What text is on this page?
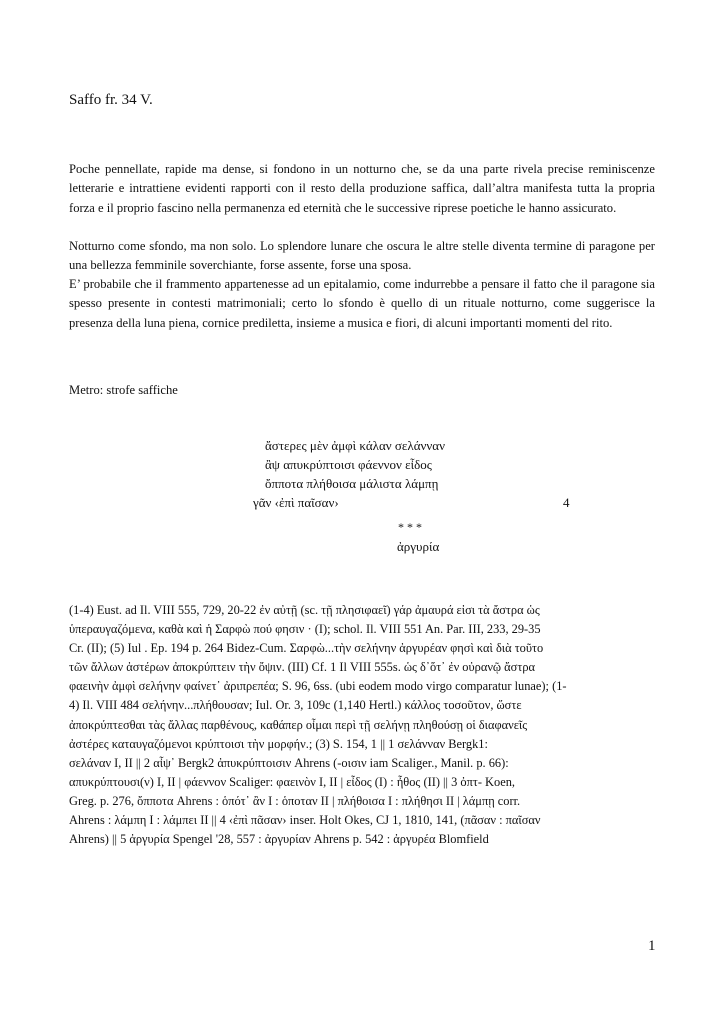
Saffo fr. 34 V.

Poche pennellate, rapide ma dense, si fondono in un notturno che, se da una parte rivela precise reminiscenze letterarie e intrattiene evidenti rapporti con il resto della produzione saffica, dall’altra manifesta tutta la propria forza e il proprio fascino nella permanenza ed eternità che le successive riprese poetiche le hanno assicurato.

Notturno come sfondo, ma non solo. Lo splendore lunare che oscura le altre stelle diventa termine di paragone per una bellezza femminile soverchiante, forse assente, forse una sposa.

E’ probabile che il frammento appartenesse ad un epitalamio, come indurrebbe a pensare il fatto che il paragone sia spesso presente in contesti matrimoniali; certo lo sfondo è quello di un rituale notturno, come suggerisce la presenza della luna piena, cornice prediletta, insieme a musica e fiori, di alcuni importanti momenti del rito.

Metro: strofe saffiche
ἄστερες μὲν ἀμφὶ κάλαν σελάνναν
ἂψ απυκρύπτοισι φάεννον εἶδος
ὄπποτα πλήθοισα μάλιστα λάμπῃ
γᾶν ‹ἐπὶ παῖσαν›	4
* * *
ἀργυρία
(1-4) Eust. ad Il. VIII 555, 729, 20-22 ἐν αὐτῇ (sc. τῇ πλησιφαεῖ) γάρ ἀμαυρά εἰσι τὰ ἄστρα ὡς
ὑπεραυγαζόμενα, καθὰ καὶ ἡ Σαρφὼ πού φησιν · (I); schol. Il. VIII 551 An. Par. III, 233, 29-35
Cr. (II); (5) Iul . Ep. 194 p. 264 Bidez-Cum. Σαρφὼ...τὴν σελήνην ἀργυρέαν φησὶ καὶ διὰ τοῦτο
τῶν ἄλλων ἀστέρων ἀποκρύπτειν τὴν ὄψιν. (III) Cf. 1 Il VIII 555s. ὡς δ᾽ὅτ᾽ ἐν οὐρανῷ ἄστρα
φαεινὴν ἀμφὶ σελήνην φαίνετ᾽ ἀριπρεπέα; S. 96, 6ss. (ubi eodem modo virgo comparatur lunae); (1-
4) Il. VIII 484 σελήνην...πλήθουσαν; Iul. Or. 3, 109c (1,140 Hertl.) κάλλος τοσοῦτον, ὥστε
ἀποκρύπτεσθαι τὰς ἄλλας παρθένους, καθάπερ οἶμαι περὶ τῇ σελήνῃ πληθούσῃ οἱ διαφανεῖς
ἀστέρες καταυγαζόμενοι κρύπτοισι τὴν μορφήν.; (3) S. 154, 1 || 1 σελάνναν Bergk1:
σελάναν I, II || 2 αἶψ᾽ Bergk2 ἀπυκρύπτοισιν Ahrens (-οισιν iam Scaliger., Manil. p. 66):
απυκρύπτουσι(ν) I, II | φάεννον Scaliger: φαεινὸν I, II | εἶδος (I) : ἦθος (II) || 3 ὀπτ- Koen,
Greg. p. 276, ὄπποτα Ahrens : ὁπότ᾽ ἂν I : ὁποταν II | πλήθοισα I : πλήθησι II | λάμπῃ corr.
Ahrens : λάμπη I : λάμπει II || 4 ‹ἐπὶ πᾶσαν› inser. Holt Okes, CJ 1, 1810, 141, (πᾶσαν : παῖσαν
Ahrens) || 5 ἀργυρία Spengel '28, 557 : ἀργυρίαν Ahrens p. 542 : ἀργυρέα Blomfield
1
